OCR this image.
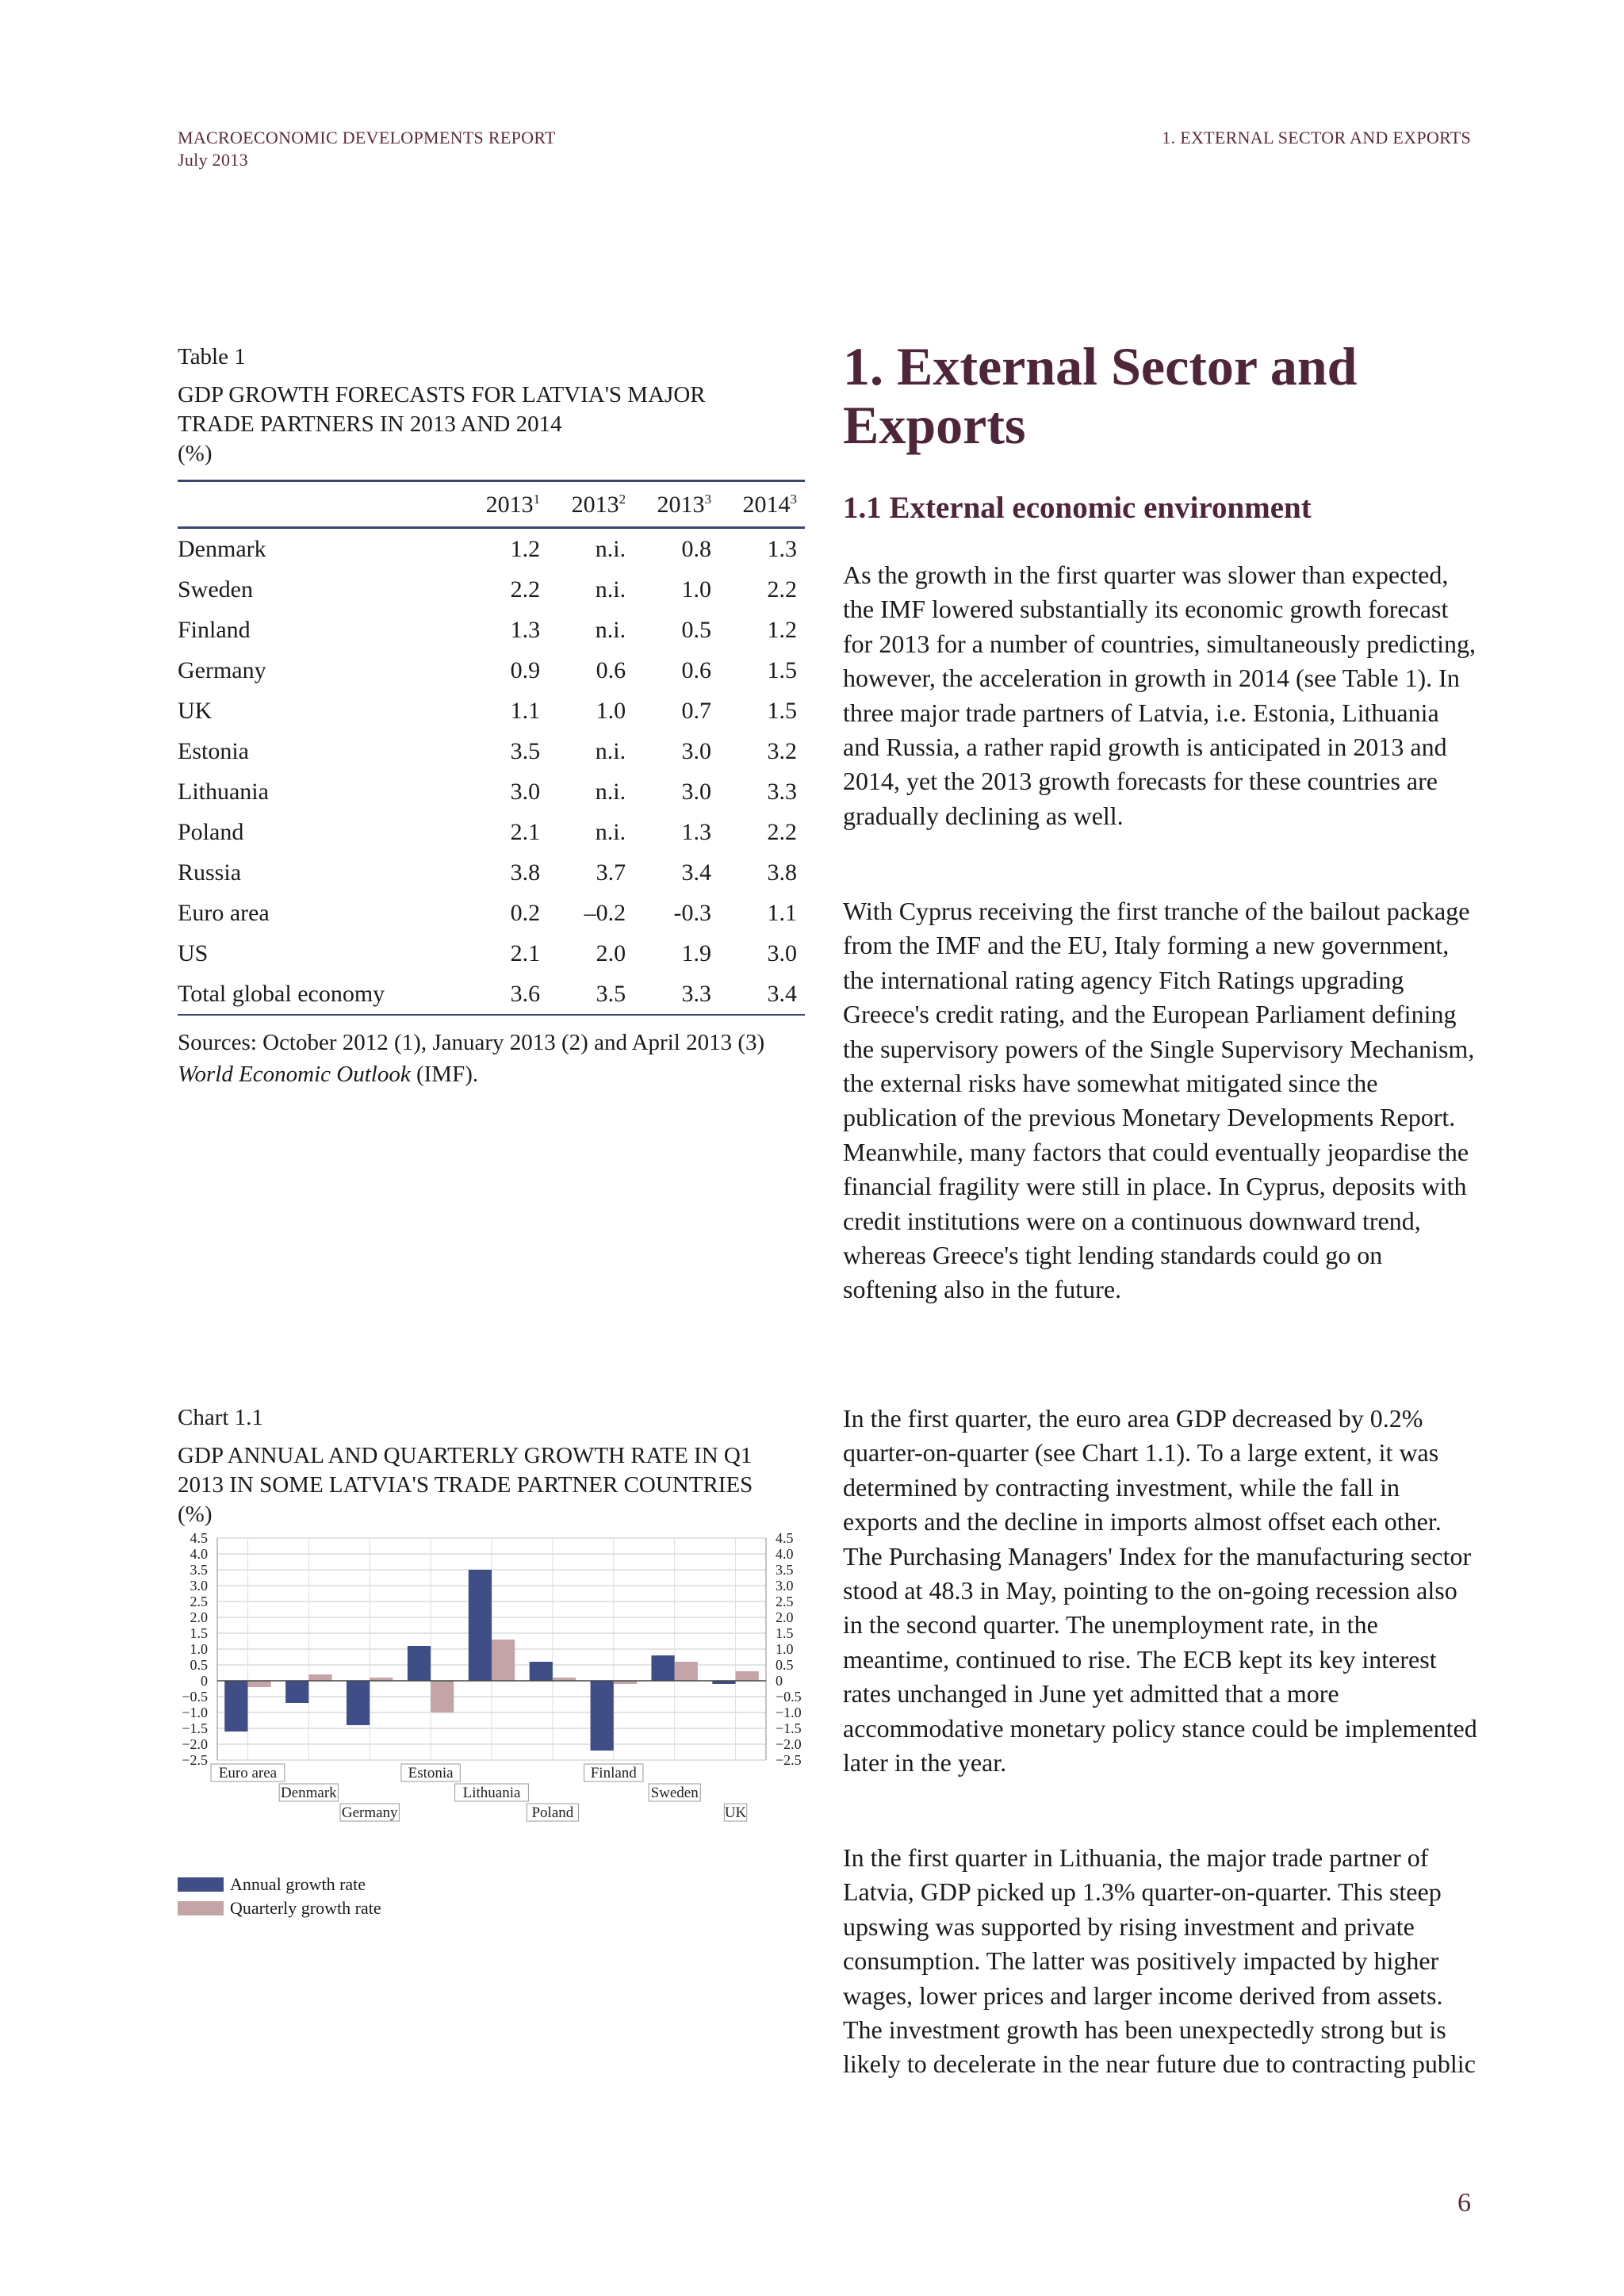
MACROECONOMIC DEVELOPMENTS REPORT
July 2013
1. EXTERNAL SECTOR AND EXPORTS
Table 1
GDP GROWTH FORECASTS FOR LATVIA'S MAJOR
TRADE PARTNERS IN 2013 AND 2014
(%)
	2013$^1$	2013$^2$	2013$^3$	2014$^3$
Denmark	1.2	n.i.	0.8	1.3
Sweden	2.2	n.i.	1.0	2.2
Finland	1.3	n.i.	0.5	1.2
Germany	0.9	0.6	0.6	1.5
UK	1.1	1.0	0.7	1.5
Estonia	3.5	n.i.	3.0	3.2
Lithuania	3.0	n.i.	3.0	3.3
Poland	2.1	n.i.	1.3	2.2
Russia	3.8	3.7	3.4	3.8
Euro area	0.2	–0.2	-0.3	1.1
US	2.1	2.0	1.9	3.0
Total global economy	3.6	3.5	3.3	3.4
Sources: October 2012 (1), January 2013 (2) and April 2013 (3)
World Economic Outlook (IMF).
Chart 1.1
GDP ANNUAL AND QUARTERLY GROWTH RATE IN Q1
2013 IN SOME LATVIA'S TRADE PARTNER COUNTRIES
(%)
4.5	4.5
4.0	4.0
3.5	3.5
3.0	3.0
2.5	2.5
2.0	2.0
1.5	1.5
1.0	1.0
0.5	0.5
0	0
−0.5	−0.5
−1.0	−1.0
−1.5	−1.5
−2.0	−2.0
−2.5	−2.5
Euro area
Denmark
Germany
Estonia
Lithuania
Poland
Finland
Sweden
UK
Annual growth rate
Quarterly growth rate
1. External Sector and
Exports
1.1 External economic environment

As the growth in the first quarter was slower than expected, the IMF lowered substantially its economic growth forecast for 2013 for a number of countries, simultaneously predicting, however, the acceleration in growth in 2014 (see Table 1). In three major trade partners of Latvia, i.e. Estonia, Lithuania and Russia, a rather rapid growth is anticipated in 2013 and 2014, yet the 2013 growth forecasts for these countries are gradually declining as well.

With Cyprus receiving the first tranche of the bailout package from the IMF and the EU, Italy forming a new government, the international rating agency Fitch Ratings upgrading Greece's credit rating, and the European Parliament defining the supervisory powers of the Single Supervisory Mechanism, the external risks have somewhat mitigated since the publication of the previous Monetary Developments Report. Meanwhile, many factors that could eventually jeopardise the financial fragility were still in place. In Cyprus, deposits with credit institutions were on a continuous downward trend, whereas Greece's tight lending standards could go on softening also in the future.

In the first quarter, the euro area GDP decreased by 0.2% quarter-on-quarter (see Chart 1.1). To a large extent, it was determined by contracting investment, while the fall in exports and the decline in imports almost offset each other. The Purchasing Managers' Index for the manufacturing sector stood at 48.3 in May, pointing to the on-going recession also in the second quarter. The unemployment rate, in the meantime, continued to rise. The ECB kept its key interest rates unchanged in June yet admitted that a more accommodative monetary policy stance could be implemented later in the year.

In the first quarter in Lithuania, the major trade partner of Latvia, GDP picked up 1.3% quarter-on-quarter. This steep upswing was supported by rising investment and private consumption. The latter was positively impacted by higher wages, lower prices and larger income derived from assets. The investment growth has been unexpectedly strong but is likely to decelerate in the near future due to contracting public

6
